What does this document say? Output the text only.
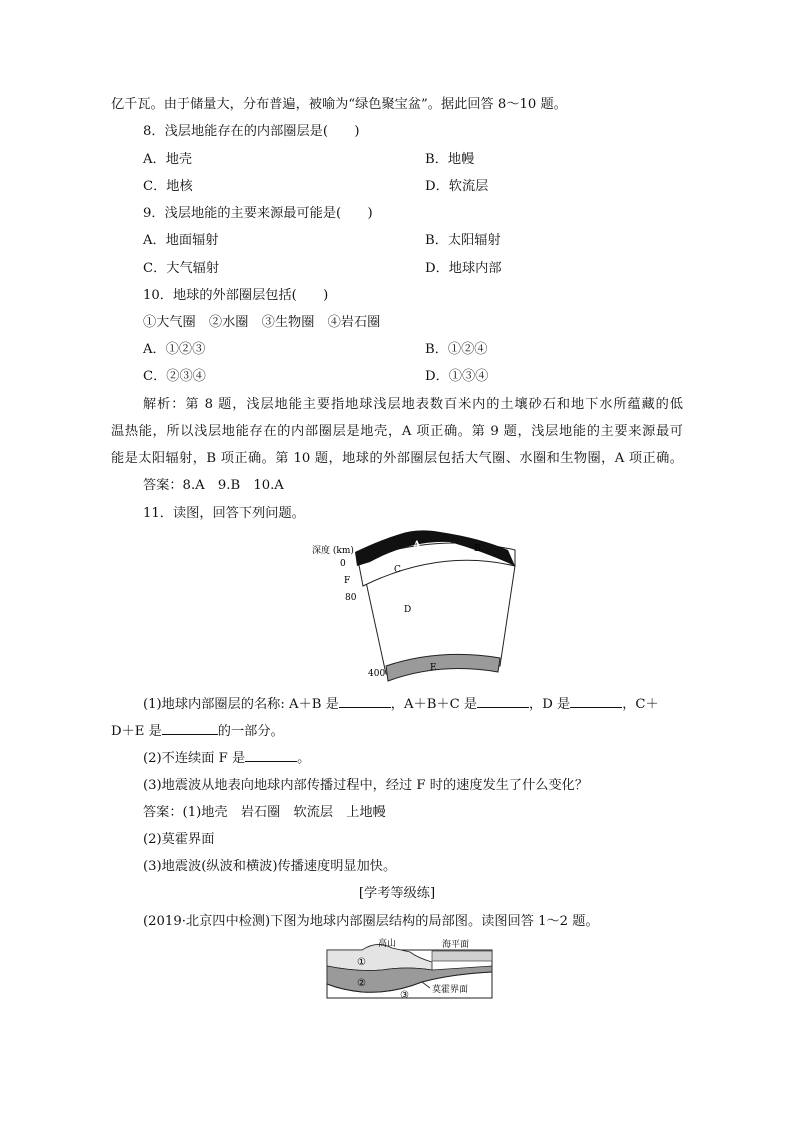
亿千瓦。由于储量大，分布普遍，被喻为“绿色聚宝盆”。据此回答 8～10 题。
8．浅层地能存在的内部圈层是(　　)
A．地壳	B．地幔
C．地核	D．软流层
9．浅层地能的主要来源最可能是(　　)
A．地面辐射	B．太阳辐射
C．大气辐射	D．地球内部
10．地球的外部圈层包括(　　)
①大气圈　②水圈　③生物圈　④岩石圈
A．①②③	B．①②④
C．②③④	D．①③④
解析：第 8 题，浅层地能主要指地球浅层地表数百米内的土壤砂石和地下水所蕴藏的低
温热能，所以浅层地能存在的内部圈层是地壳，A 项正确。第 9 题，浅层地能的主要来源最可
能是太阳辐射，B 项正确。第 10 题，地球的外部圈层包括大气圈、水圈和生物圈，A 项正确。
答案：8.A　9.B　10.A
11．读图，回答下列问题。
深度 (km)
0
F
80
400
A	B
C
D
E
(1)地球内部圈层的名称: A＋B 是	，A＋B＋C 是	，D 是	，C＋
D＋E 是	的一部分。
(2)不连续面 F 是	。
(3)地震波从地表向地球内部传播过程中，经过 F 时的速度发生了什么变化？
答案：(1)地壳　岩石圈　软流层　上地幔
(2)莫霍界面
(3)地震波(纵波和横波)传播速度明显加快。
[学考等级练]
(2019·北京四中检测)下图为地球内部圈层结构的局部图。读图回答 1～2 题。
高山	海平面
①
②
③	莫霍界面
